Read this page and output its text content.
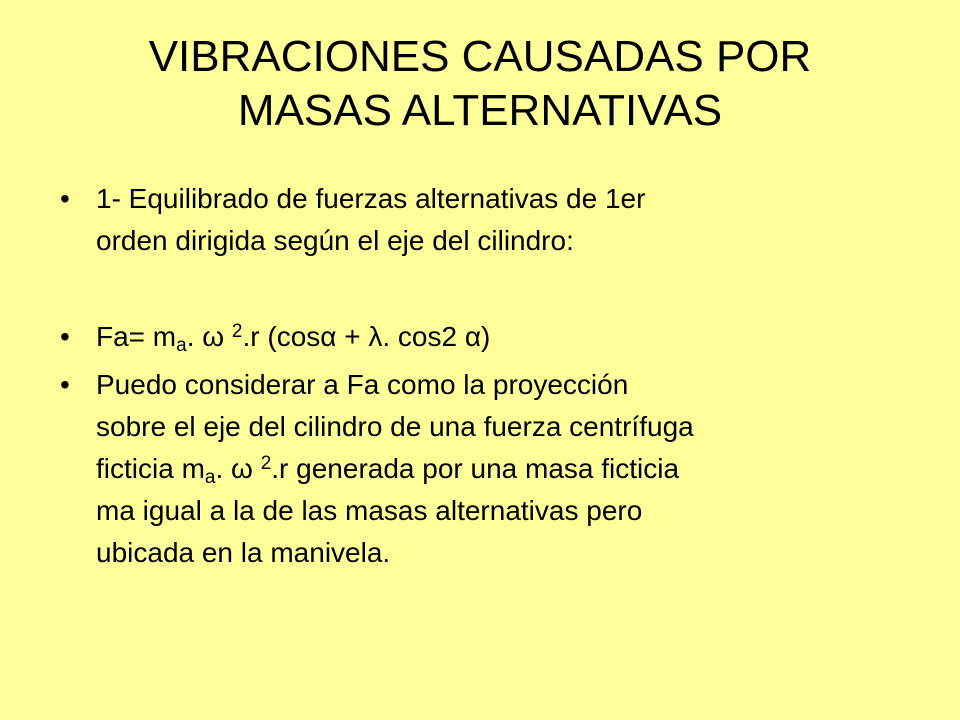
VIBRACIONES CAUSADAS POR
MASAS ALTERNATIVAS
• 1- Equilibrado de fuerzas alternativas de 1er
orden dirigida según el eje del cilindro:
• $Fa= m_a$. ω $^2$.r (cosα + λ. cos2 α)
• Puedo considerar a Fa como la proyección
sobre el eje del cilindro de una fuerza centrífuga
ficticia $m_a$. ω $^2$.r generada por una masa ficticia
ma igual a la de las masas alternativas pero
ubicada en la manivela.
